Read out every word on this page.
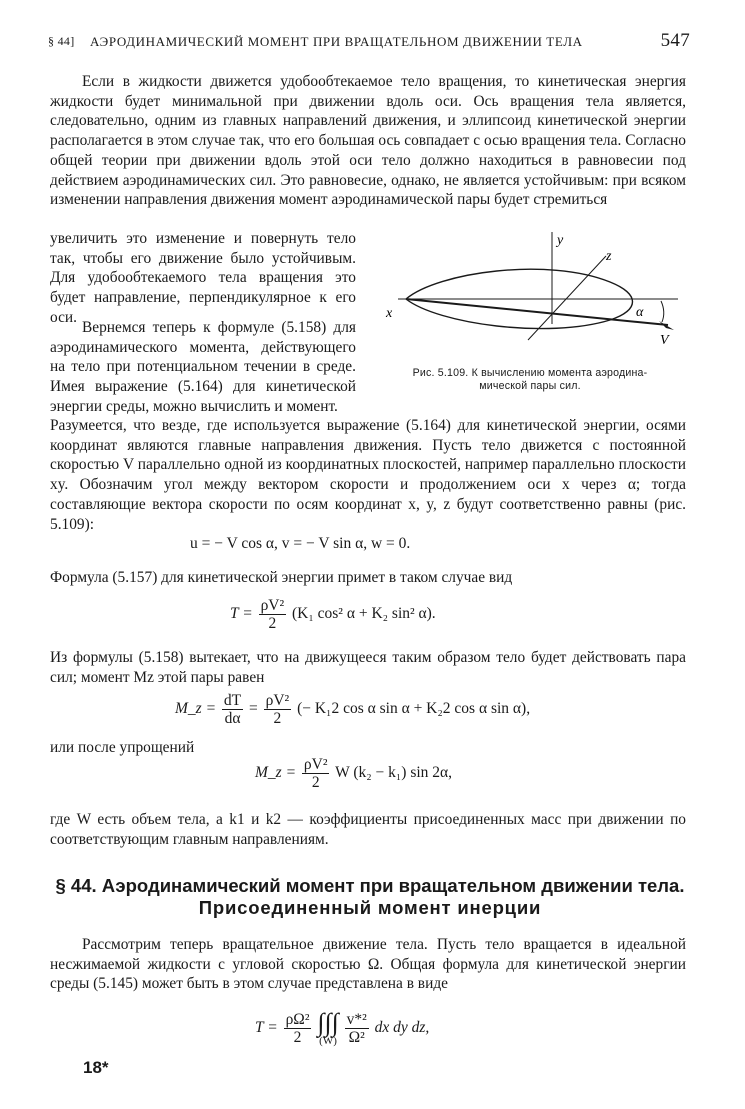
§ 44] АЭРОДИНАМИЧЕСКИЙ МОМЕНТ ПРИ ВРАЩАТЕЛЬНОМ ДВИЖЕНИИ ТЕЛА	547

Если в жидкости движется удобообтекаемое тело вращения, то кинетическая энергия жидкости будет минимальной при движении вдоль оси. Ось вращения тела является, следовательно, одним из главных направлений движения, и эллипсоид кинетической энергии располагается в этом случае так, что его большая ось совпадает с осью вращения тела. Согласно общей теории при движении вдоль этой оси тело должно находиться в равновесии под действием аэродинамических сил. Это равновесие, однако, не является устойчивым: при всяком изменении направления движения момент аэродинамической пары будет стремиться

увеличить это изменение и повернуть тело так, чтобы его движение было устойчивым. Для удобообтекаемого тела вращения это будет направление, перпендикулярное к его оси.

Вернемся теперь к формуле (5.158) для аэродинамического момента, действующего на тело при потенциальном течении в среде. Имея выражение (5.164) для кинетической энергии среды, можно вычислить и момент.

x
y
z
α
V
Рис. 5.109. К вычислению момента аэродина-
мической пары сил.

Разумеется, что везде, где используется выражение (5.164) для кинетической энергии, осями координат являются главные направления движения. Пусть тело движется с постоянной скоростью V параллельно одной из координатных плоскостей, например параллельно плоскости xy. Обозначим угол между вектором скорости и продолжением оси x через α; тогда составляющие вектора скорости по осям координат x, y, z будут соответственно равны (рис. 5.109):

u = − V cos α, v = − V sin α, w = 0.

Формула (5.157) для кинетической энергии примет в таком случае вид

$T = \frac{\text{ρV²}}{2} (K_1$ cos² α + K₂ sin² α).

Из формулы (5.158) вытекает, что на движущееся таким образом тело будет действовать пара сил; момент Mz этой пары равен

M_z = $\frac{dT}{d\alpha} = \frac{\text{ρV²}}{2}$ (− K₁2 cos α sin α + K₂2 cos α sin α),

или после упрощений

M_z = $\frac{\text{ρV²}}{2}$ W (k₂ − k₁) sin 2α,

где W есть объем тела, а k1 и k2 — коэффициенты присоединенных масс при движении по соответствующим главным направлениям.

§ 44. Аэродинамический момент при вращательном движении тела.
Присоединенный момент инерции

Рассмотрим теперь вращательное движение тела. Пусть тело вращается в идеальной несжимаемой жидкости с угловой скоростью Ω. Общая формула для кинетической энергии среды (5.145) может быть в этом случае представлена в виде

$T = \frac{\text{ρΩ²}}{2}$
∫∫∫
(W)
$\frac{\text{v*²}}{\text{Ω²}}$ dx dy dz,
18*
